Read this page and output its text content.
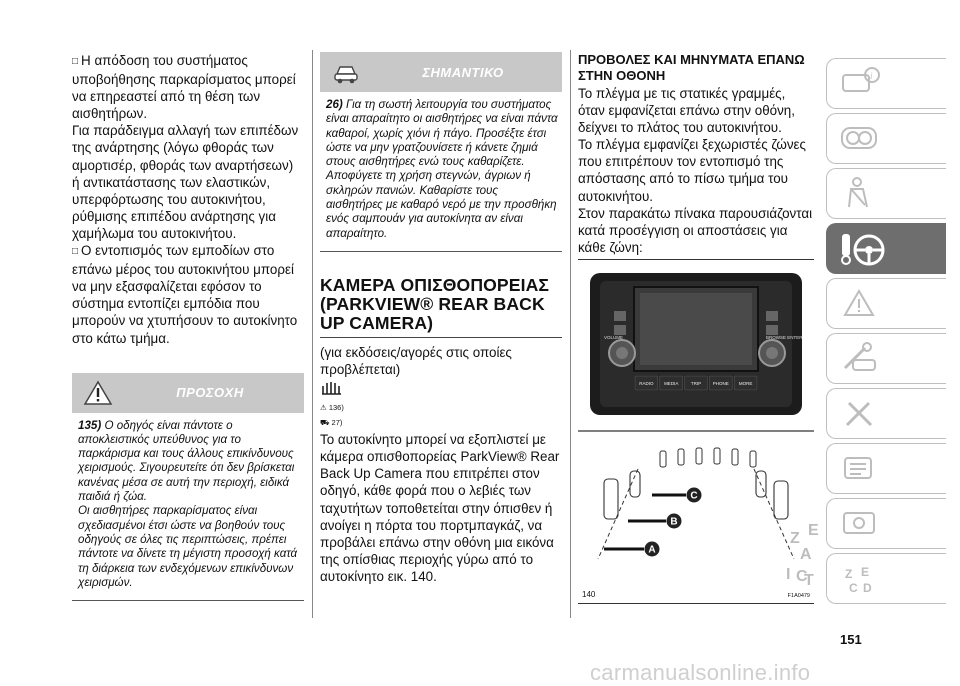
□ Η απόδοση του συστήματος υποβοήθησης παρκαρίσματος μπορεί να επηρεαστεί από τη θέση των αισθητήρων.
Για παράδειγμα αλλαγή των επιπέδων της ανάρτησης (λόγω φθοράς των αμορτισέρ, φθοράς των αναρτήσεων) ή αντικατάστασης των ελαστικών, υπερφόρτωσης του αυτοκινήτου, ρύθμισης επιπέδου ανάρτησης για χαμήλωμα του αυτοκινήτου.
□ Ο εντοπισμός των εμποδίων στο επάνω μέρος του αυτοκινήτου μπορεί να μην εξασφαλίζεται εφόσον το σύστημα εντοπίζει εμπόδια που μπορούν να χτυπήσουν το αυτοκίνητο στο κάτω τμήμα.
ΠΡΟΣΟΧΗ
135) Ο οδηγός είναι πάντοτε ο αποκλειστικός υπεύθυνος για το παρκάρισμα και τους άλλους επικίνδυνους χειρισμούς. Σιγουρευτείτε ότι δεν βρίσκεται κανένας μέσα σε αυτή την περιοχή, ειδικά παιδιά ή ζώα.
Οι αισθητήρες παρκαρίσματος είναι σχεδιασμένοι έτσι ώστε να βοηθούν τους οδηγούς σε όλες τις περιπτώσεις, πρέπει πάντοτε να δίνετε τη μέγιστη προσοχή κατά τη διάρκεια των ενδεχόμενων επικίνδυνων χειρισμών.
ΣΗΜΑΝΤΙΚΟ
26) Για τη σωστή λειτουργία του συστήματος είναι απαραίτητο οι αισθητήρες να είναι πάντα καθαροί, χωρίς χιόνι ή πάγο. Προσέξτε έτσι ώστε να μην γρατζουνίσετε ή κάνετε ζημιά στους αισθητήρες ενώ τους καθαρίζετε. Αποφύγετε τη χρήση στεγνών, άγριων ή σκληρών πανιών. Καθαρίστε τους αισθητήρες με καθαρό νερό με την προσθήκη ενός σαμπουάν για αυτοκίνητα αν είναι απαραίτητο.
ΚΑΜΕΡΑ ΟΠΙΣΘΟΠΟΡΕΙΑΣ (PARKVIEW® REAR BACK UP CAMERA)
(για εκδόσεις/αγορές στις οποίες προβλέπεται)
⚠ 136)
⛟ 27)
Το αυτοκίνητο μπορεί να εξοπλιστεί με κάμερα οπισθοπορείας ParkView® Rear Back Up Camera που επιτρέπει στον οδηγό, κάθε φορά που ο λεβιές των ταχυτήτων τοποθετείται στην όπισθεν ή ανοίγει η πόρτα του πορτμπαγκάζ, να προβάλει επάνω στην οθόνη μια εικόνα της οπίσθιας περιοχής γύρω από το αυτοκίνητο εικ. 140.
ΠΡΟΒΟΛΕΣ ΚΑΙ ΜΗΝΥΜΑΤΑ ΕΠΑΝΩ ΣΤΗΝ ΟΘΟΝΗ
Το πλέγμα με τις στατικές γραμμές, όταν εμφανίζεται επάνω στην οθόνη, δείχνει το πλάτος του αυτοκινήτου.
Το πλέγμα εμφανίζει ξεχωριστές ζώνες που επιτρέπουν τον εντοπισμό της απόστασης από το πίσω τμήμα του αυτοκινήτου.
Στον παρακάτω πίνακα παρουσιάζονται κατά προσέγγιση οι αποστάσεις για κάθε ζώνη:
VOLUME	BROWSE ENTER
RADIO MEDIA	TRIP	PHONE MORE
C
B
A
Z E
A
I C
T
140	F1A0479
i
Z E
C D
151
carmanualsonline.info
